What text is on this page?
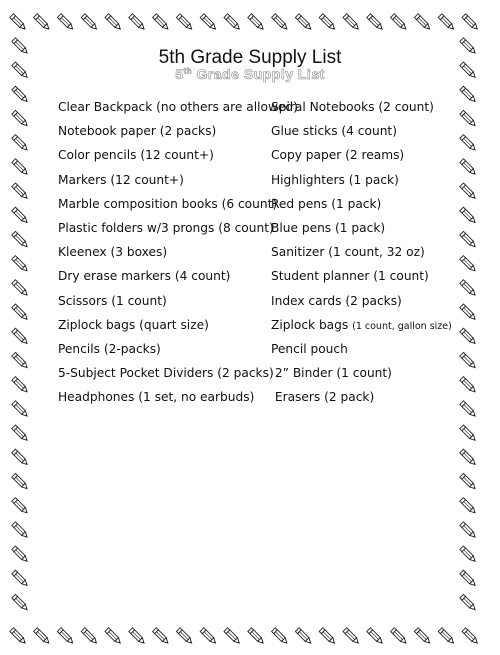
5th Grade Supply List
5th Grade Supply List
Clear Backpack (no others are allowed)
Notebook paper (2 packs)
Color pencils (12 count+)
Markers (12 count+)
Marble composition books (6 count)
Plastic folders w/3 prongs (8 count)
Kleenex (3 boxes)
Dry erase markers (4 count)
Scissors (1 count)
Ziplock bags (quart size)
Pencils (2-packs)
5-Subject Pocket Dividers (2 packs)
Headphones (1 set, no earbuds)
Spiral Notebooks (2 count)
Glue sticks (4 count)
Copy paper (2 reams)
Highlighters (1 pack)
Red pens (1 pack)
Blue pens (1 pack)
Sanitizer (1 count, 32 oz)
Student planner (1 count)
Index cards (2 packs)
Ziplock bags (1 count, gallon size)
Pencil pouch
2” Binder (1 count)
Erasers (2 pack)
